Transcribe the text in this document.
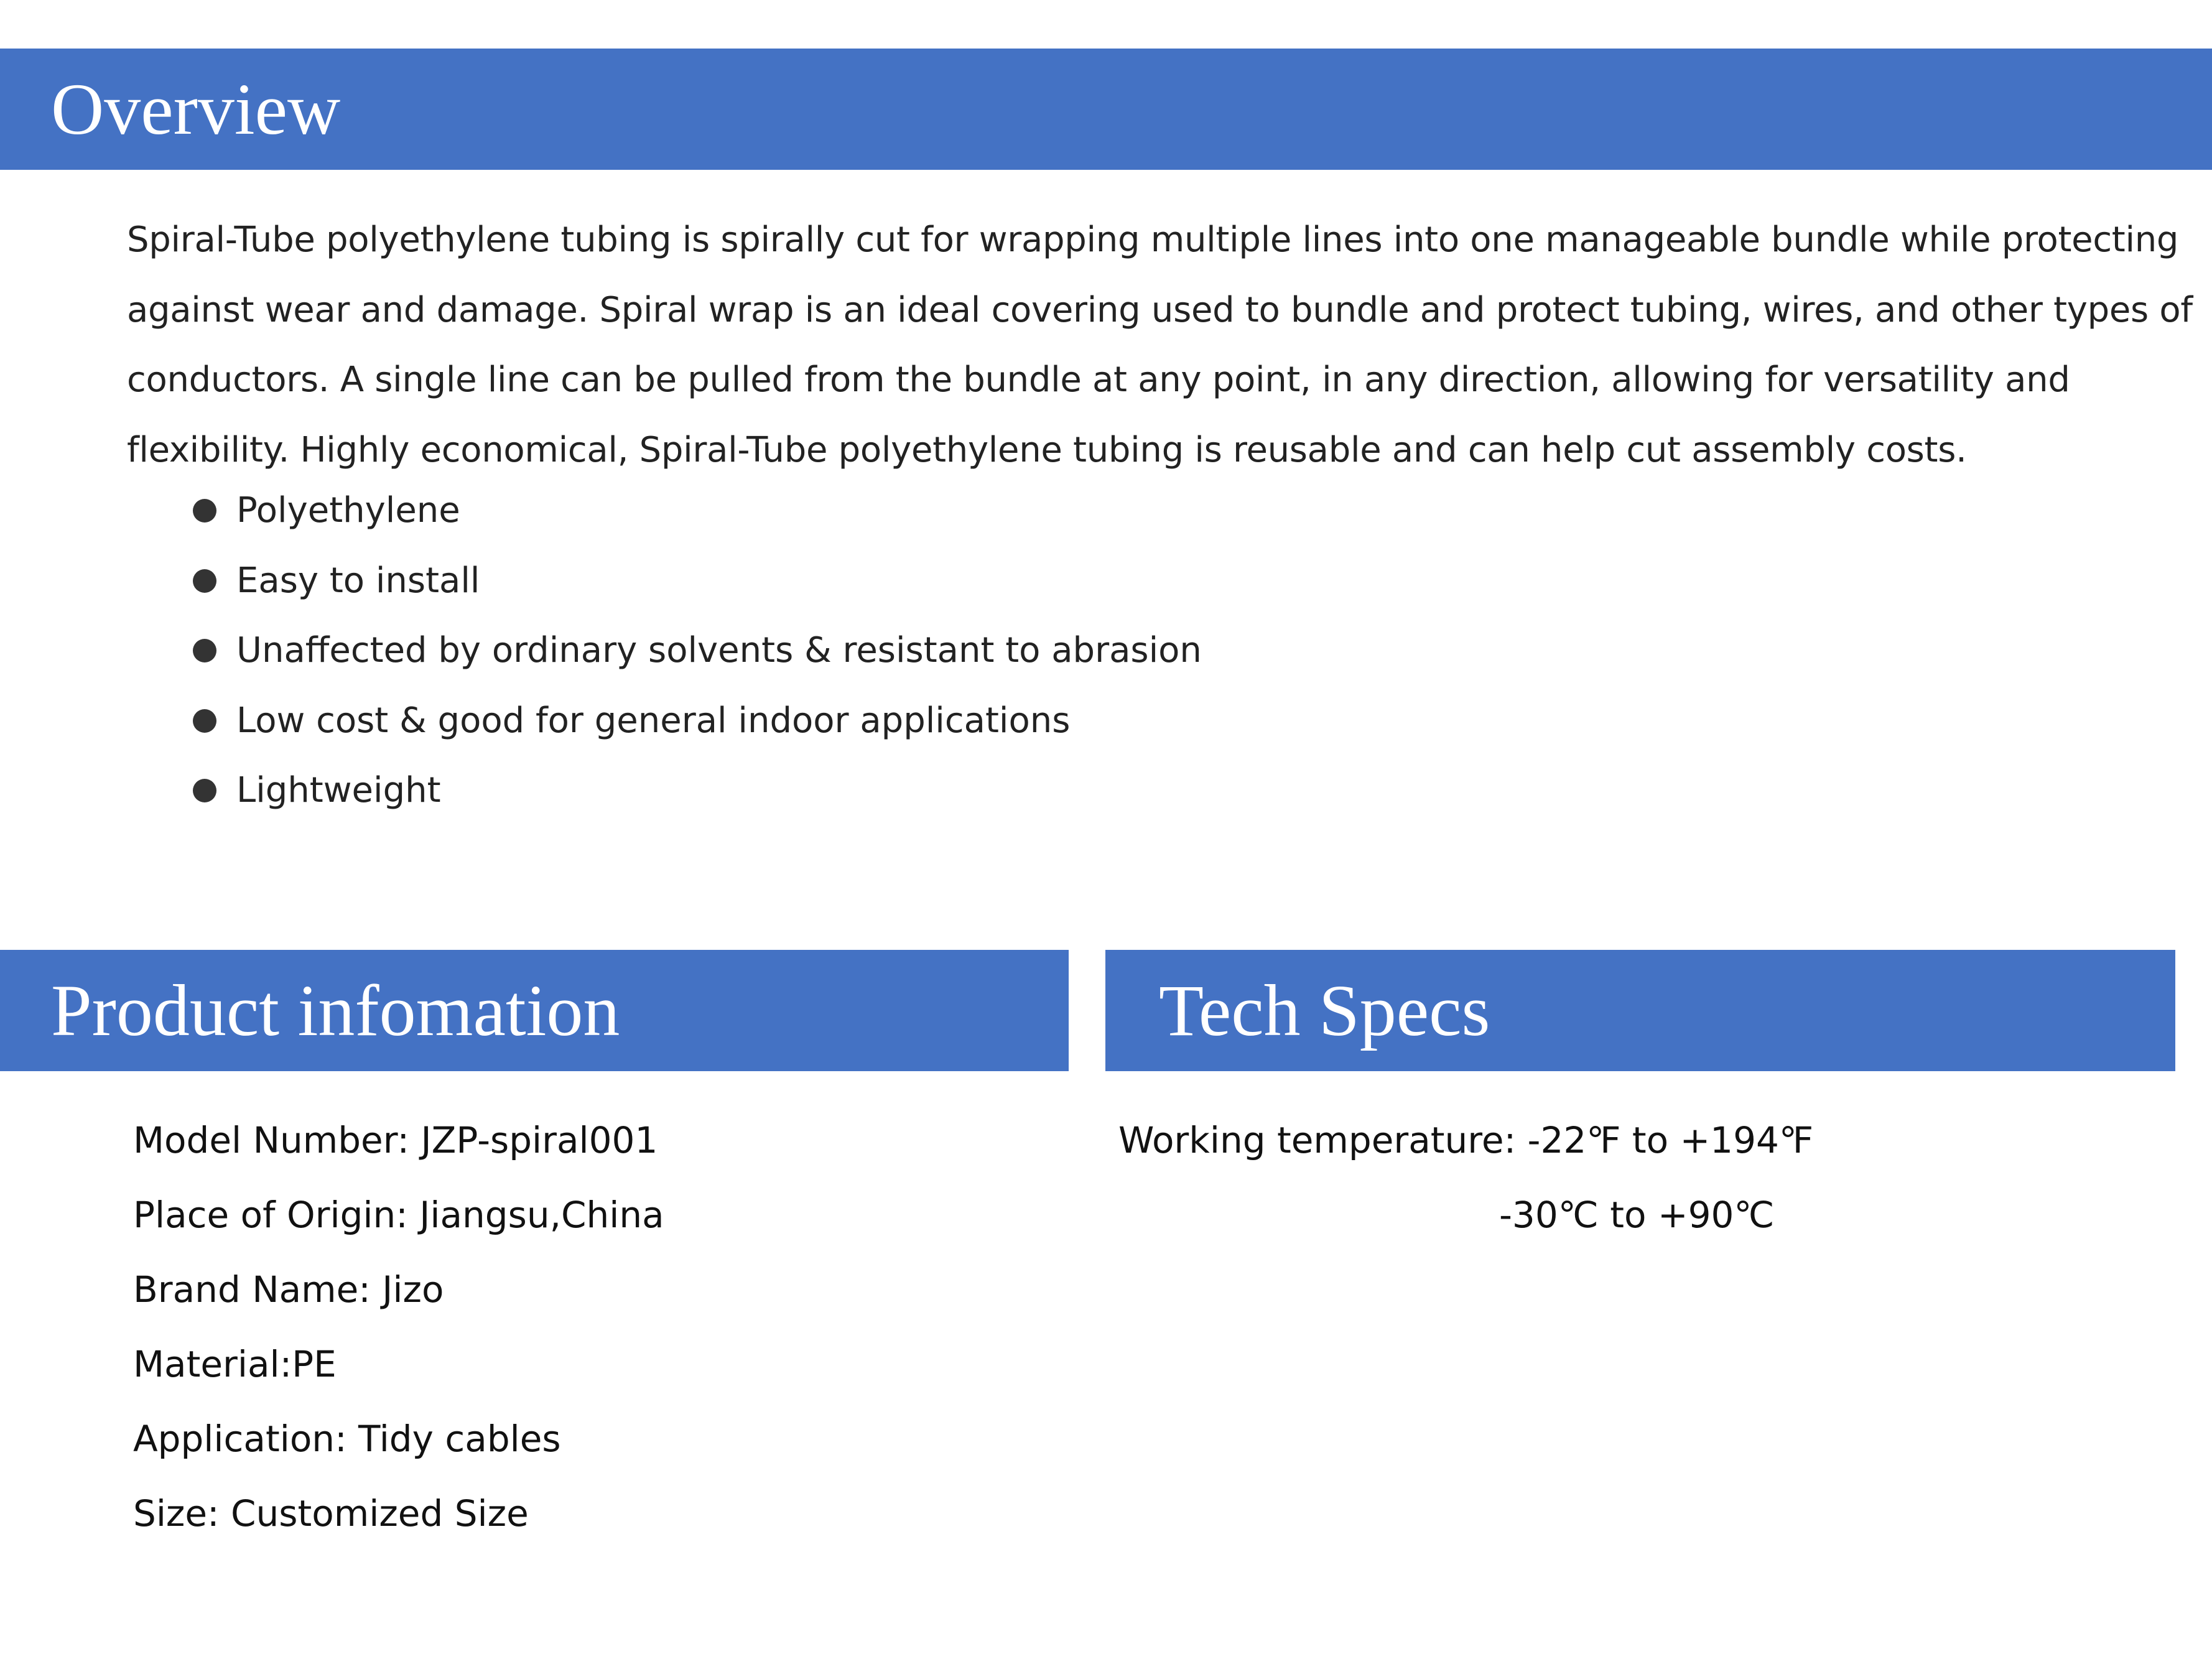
Overview
Spiral-Tube polyethylene tubing is spirally cut for wrapping multiple lines into one manageable bundle while protecting
against wear and damage. Spiral wrap is an ideal covering used to bundle and protect tubing, wires, and other types of
conductors. A single line can be pulled from the bundle at any point, in any direction, allowing for versatility and
flexibility. Highly economical, Spiral-Tube polyethylene tubing is reusable and can help cut assembly costs.
Polyethylene
Easy to install
Unaffected by ordinary solvents & resistant to abrasion
Low cost & good for general indoor applications
Lightweight
Product infomation	Tech Specs
Model Number: JZP-spiral001
Place of Origin: Jiangsu,China
Brand Name: Jizo
Material:PE
Application: Tidy cables
Size: Customized Size
Working temperature: -22℉ to +194℉
-30℃ to +90℃
